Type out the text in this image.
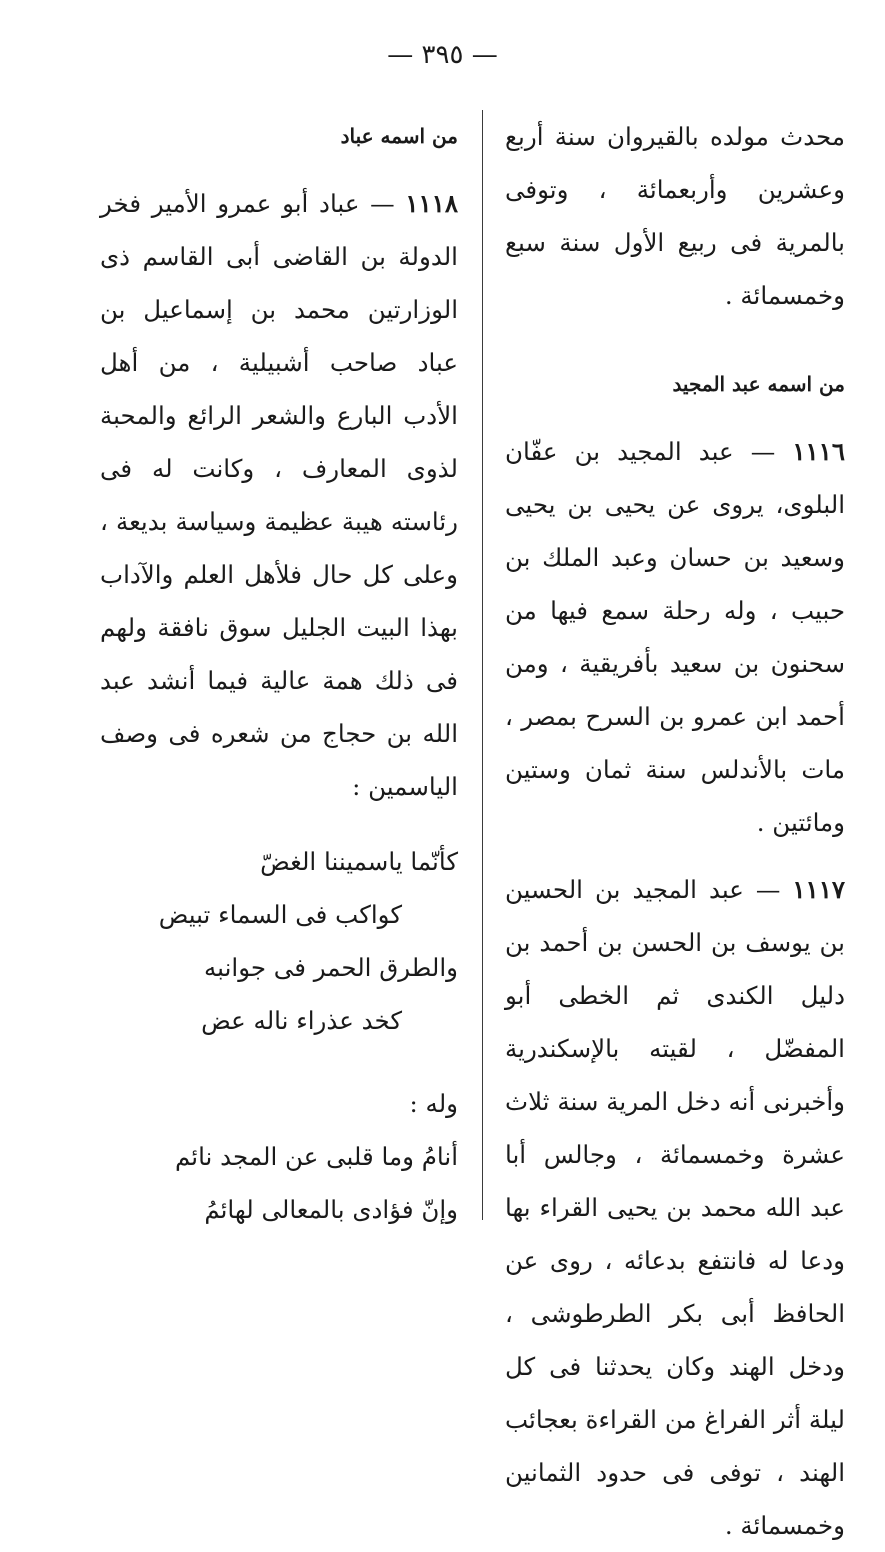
— ٣٩٥ —

محدث مولده بالقيروان سنة أربع وعشرين وأربعمائة ، وتوفى بالمرية فى ربيع الأول سنة سبع وخمسمائة .

من اسمه عبد المجيد

١١١٦ — عبد المجيد بن عفّان البلوى، يروى عن يحيى بن يحيى وسعيد بن حسان وعبد الملك بن حبيب ، وله رحلة سمع فيها من سحنون بن سعيد بأفريقية ، ومن أحمد ابن عمرو بن السرح بمصر ، مات بالأندلس سنة ثمان وستين ومائتين .

١١١٧ — عبد المجيد بن الحسين بن يوسف بن الحسن بن أحمد بن دليل الكندى ثم الخطى أبو المفضّل ، لقيته بالإسكندرية وأخبرنى أنه دخل المرية سنة ثلاث عشرة وخمسمائة ، وجالس أبا عبد الله محمد بن يحيى القراء بها ودعا له فانتفع بدعائه ، روى عن الحافظ أبى بكر الطرطوشى ، ودخل الهند وكان يحدثنا فى كل ليلة أثر الفراغ من القراءة بعجائب الهند ، توفى فى حدود الثمانين وخمسمائة .

من اسمه عباد

١١١٨ — عباد أبو عمرو الأمير فخر الدولة بن القاضى أبى القاسم ذى الوزارتين محمد بن إسماعيل بن عباد صاحب أشبيلية ، من أهل الأدب البارع والشعر الرائع والمحبة لذوى المعارف ، وكانت له فى رئاسته هيبة عظيمة وسياسة بديعة ، وعلى كل حال فلأهل العلم والآداب بهذا البيت الجليل سوق نافقة ولهم فى ذلك همة عالية فيما أنشد عبد الله بن حجاج من شعره فى وصف الياسمين :

كأنّما ياسميننا الغضّ
كواكب فى السماء تبيض
والطرق الحمر فى جوانبه
كخد عذراء ناله عض
وله :
أنامُ وما قلبى عن المجد نائم
وإنّ فؤادى بالمعالى لهائمُ
